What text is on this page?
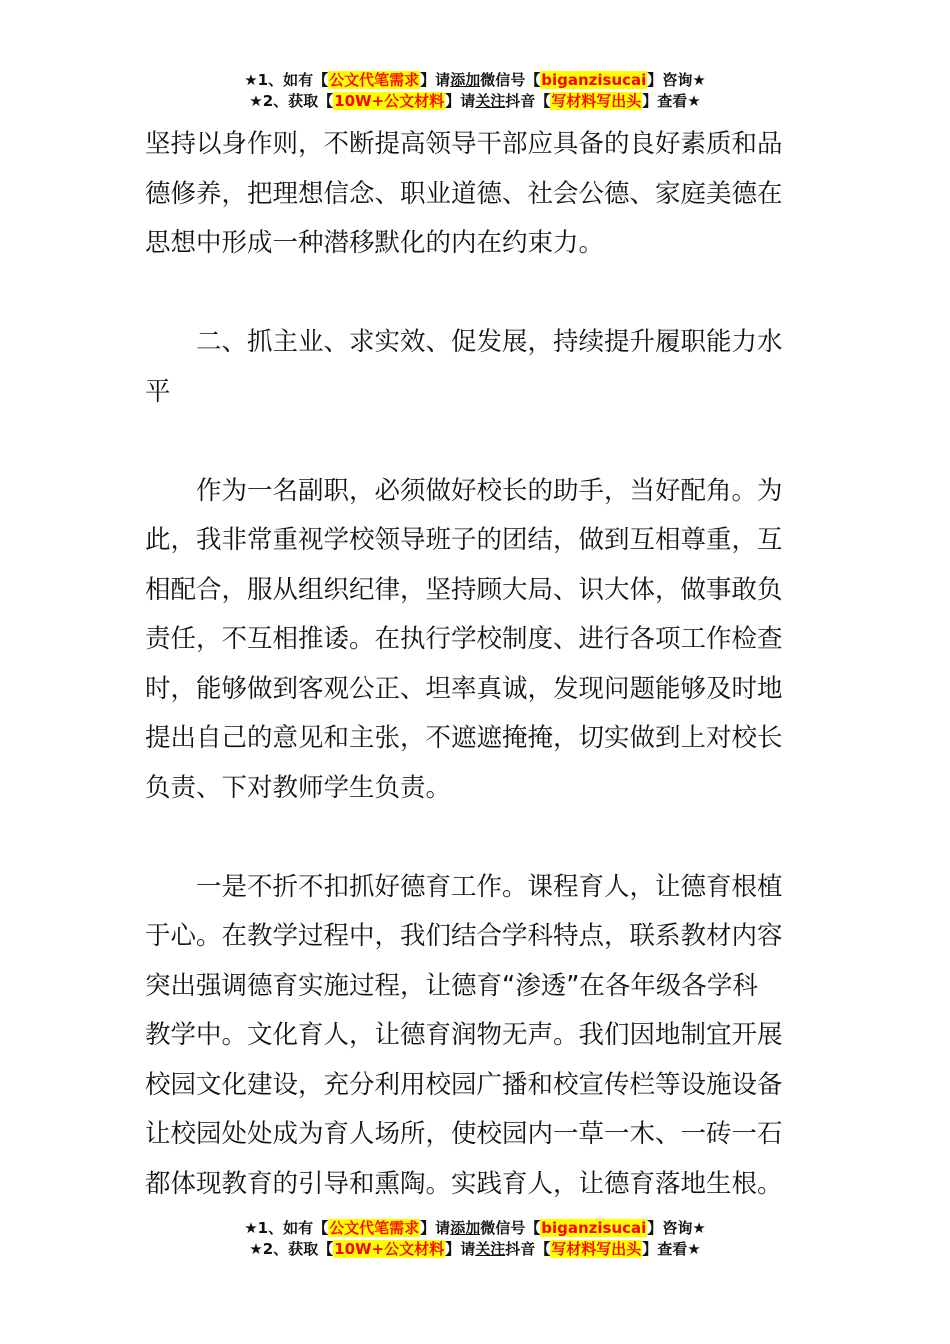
★1、如有【公文代笔需求】请添加微信号【biganzisucai】咨询★
★2、获取【10W+公文材料】请关注抖音【写材料写出头】查看★

坚持以身作则，不断提高领导干部应具备的良好素质和品

德修养，把理想信念、职业道德、社会公德、家庭美德在

思想中形成一种潜移默化的内在约束力。

二、抓主业、求实效、促发展，持续提升履职能力水

平

作为一名副职，必须做好校长的助手，当好配角。为

此，我非常重视学校领导班子的团结，做到互相尊重，互

相配合，服从组织纪律，坚持顾大局、识大体，做事敢负

责任，不互相推诿。在执行学校制度、进行各项工作检查

时，能够做到客观公正、坦率真诚，发现问题能够及时地

提出自己的意见和主张，不遮遮掩掩，切实做到上对校长

负责、下对教师学生负责。

一是不折不扣抓好德育工作。课程育人，让德育根植

于心。在教学过程中，我们结合学科特点，联系教材内容

突出强调德育实施过程，让德育“渗透”在各年级各学科

教学中。文化育人，让德育润物无声。我们因地制宜开展

校园文化建设，充分利用校园广播和校宣传栏等设施设备

让校园处处成为育人场所，使校园内一草一木、一砖一石

都体现教育的引导和熏陶。实践育人，让德育落地生根。

★1、如有【公文代笔需求】请添加微信号【biganzisucai】咨询★
★2、获取【10W+公文材料】请关注抖音【写材料写出头】查看★
